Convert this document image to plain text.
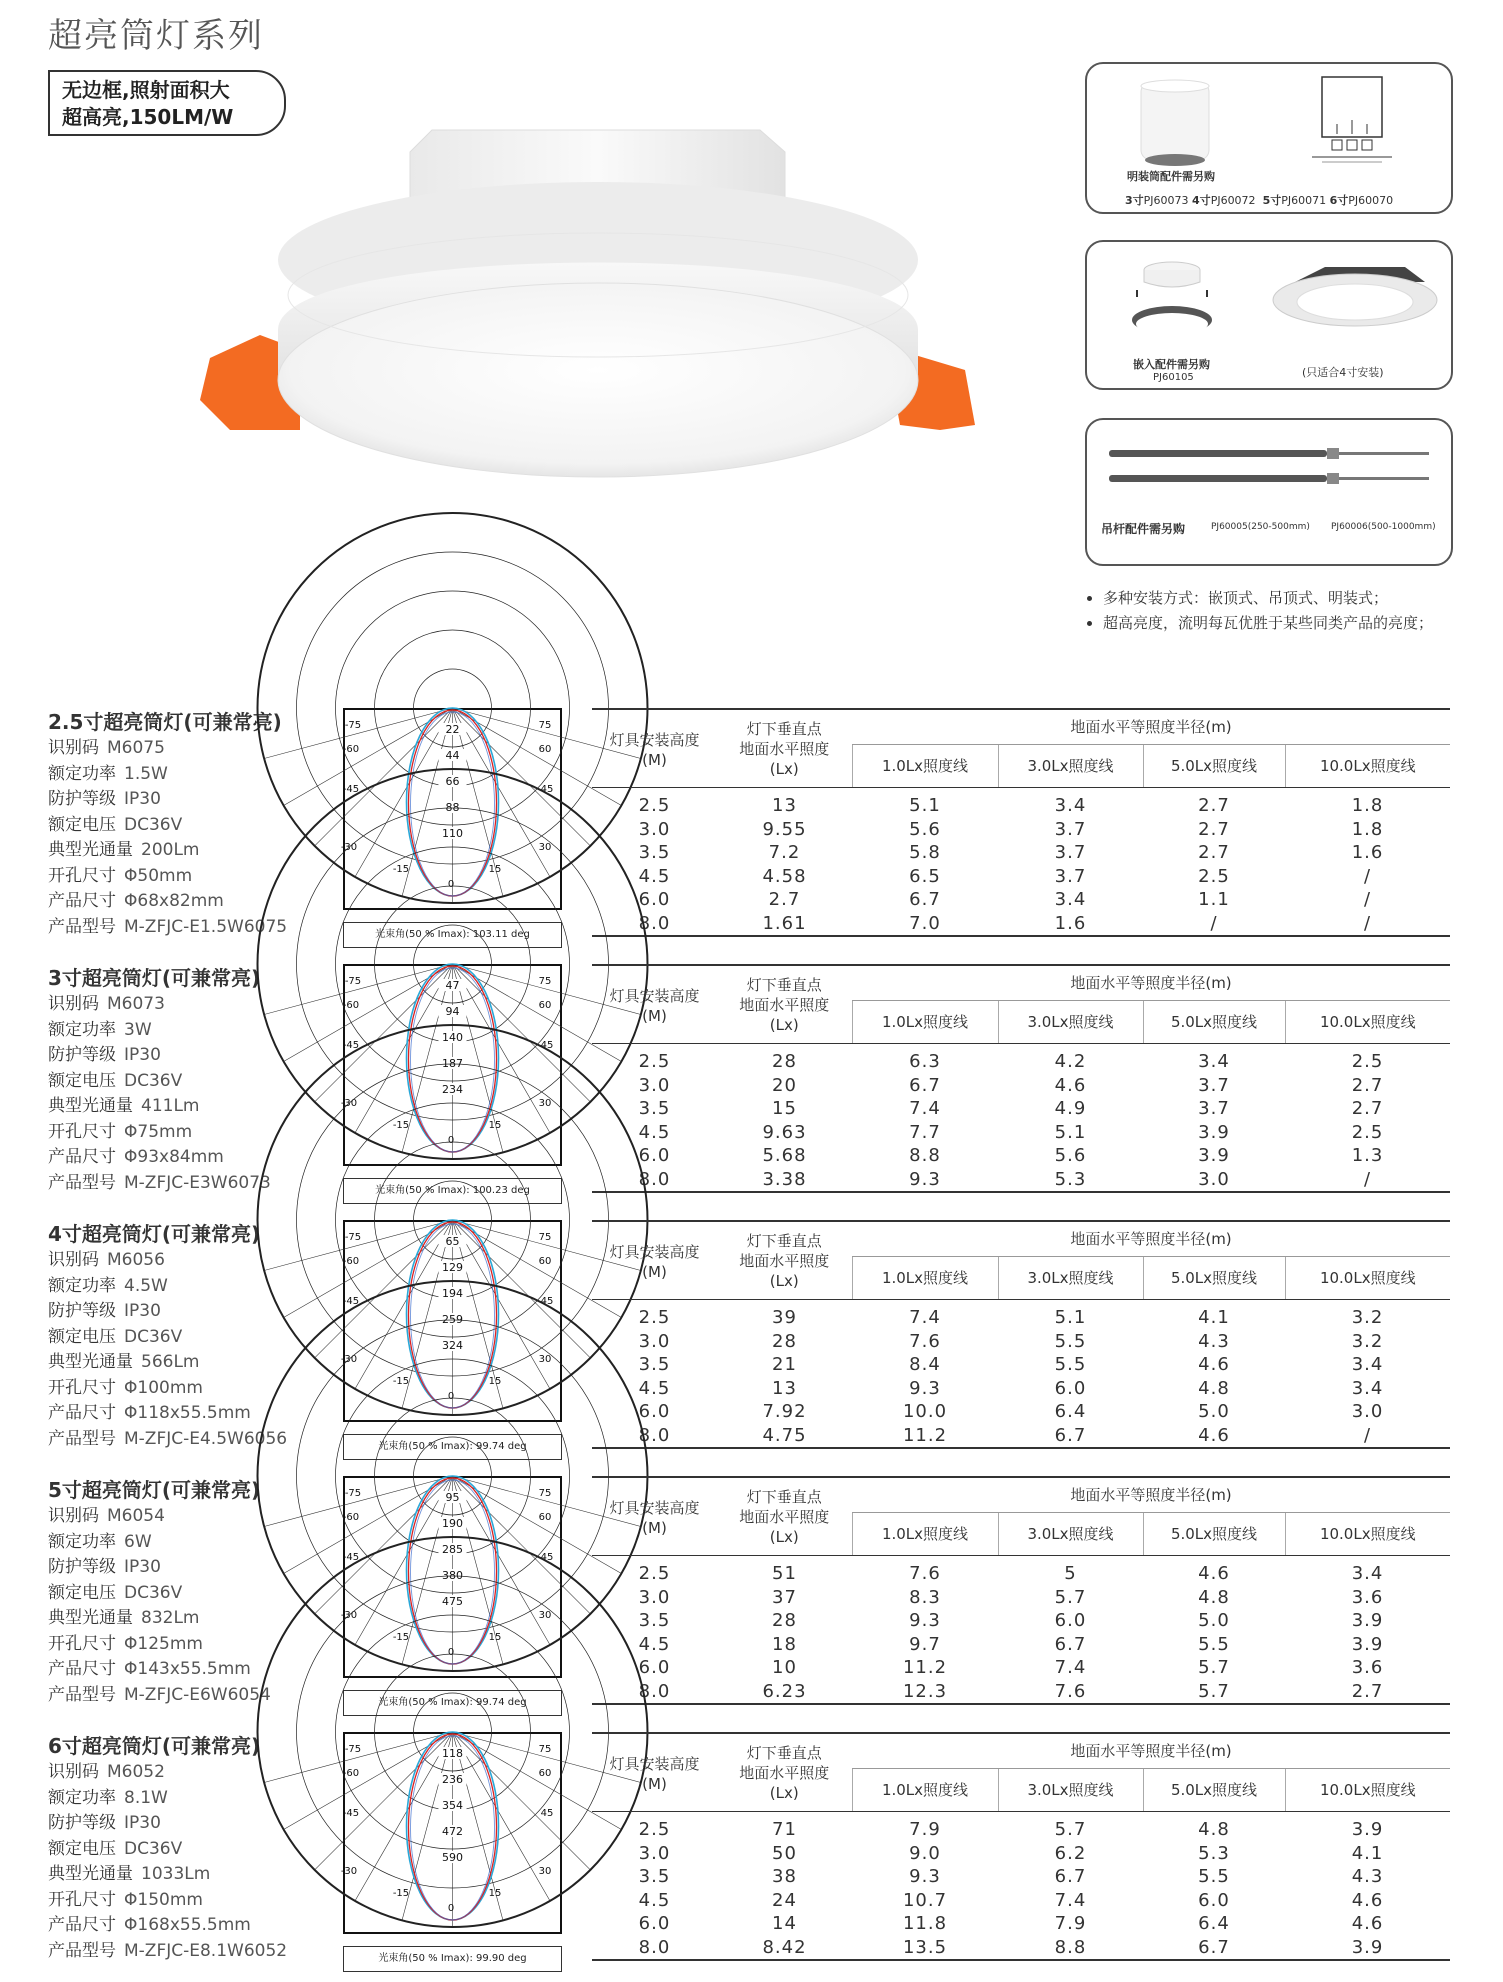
超亮筒灯系列
无边框,照射面积大
超高亮,150LM/W
明装筒配件需另购
3寸PJ60073 4寸PJ60072 5寸PJ60071 6寸PJ60070
嵌入配件需另购
PJ60105	(只适合4寸安装)
吊杆配件需另购	PJ60005(250-500mm) PJ60006(500-1000mm)
• 多种安装方式：嵌顶式、吊顶式、明装式；
• 超高亮度，流明每瓦优胜于某些同类产品的亮度；
2.5寸超亮筒灯(可兼常亮)
识别码 M6075
额定功率 1.5W
防护等级 IP30
额定电压 DC36V
典型光通量 200Lm
开孔尺寸 Φ50mm
产品尺寸 Φ68x82mm
产品型号 M-ZFJC-E1.5W6075
22
44
66
88
110
-75	75
-60	60
-45	45
-30	30
-15	15
0
光束角(50 % Imax): 103.11 deg
灯具安装高度
(M)	灯下垂直点
地面水平照度
(Lx)	地面水平等照度半径(m)			
		1.0Lx照度线	3.0Lx照度线	5.0Lx照度线	10.0Lx照度线
2.5	13	5.1	3.4	2.7	1.8
3.0	9.55	5.6	3.7	2.7	1.8
3.5	7.2	5.8	3.7	2.7	1.6
4.5	4.58	6.5	3.7	2.5	/
6.0	2.7	6.7	3.4	1.1	/
8.0	1.61	7.0	1.6	/	/
3寸超亮筒灯(可兼常亮)
识别码 M6073
额定功率 3W
防护等级 IP30
额定电压 DC36V
典型光通量 411Lm
开孔尺寸 Φ75mm
产品尺寸 Φ93x84mm
产品型号 M-ZFJC-E3W6073
47
94
140
187
234
-75	75
-60	60
-45	45
-30	30
-15	15
0
光束角(50 % Imax): 100.23 deg
灯具安装高度
(M)	灯下垂直点
地面水平照度
(Lx)	地面水平等照度半径(m)			
		1.0Lx照度线	3.0Lx照度线	5.0Lx照度线	10.0Lx照度线
2.5	28	6.3	4.2	3.4	2.5
3.0	20	6.7	4.6	3.7	2.7
3.5	15	7.4	4.9	3.7	2.7
4.5	9.63	7.7	5.1	3.9	2.5
6.0	5.68	8.8	5.6	3.9	1.3
8.0	3.38	9.3	5.3	3.0	/
4寸超亮筒灯(可兼常亮)
识别码 M6056
额定功率 4.5W
防护等级 IP30
额定电压 DC36V
典型光通量 566Lm
开孔尺寸 Φ100mm
产品尺寸 Φ118x55.5mm
产品型号 M-ZFJC-E4.5W6056
65
129
194
259
324
-75	75
-60	60
-45	45
-30	30
-15	15
0
光束角(50 % Imax): 99.74 deg
灯具安装高度
(M)	灯下垂直点
地面水平照度
(Lx)	地面水平等照度半径(m)			
		1.0Lx照度线	3.0Lx照度线	5.0Lx照度线	10.0Lx照度线
2.5	39	7.4	5.1	4.1	3.2
3.0	28	7.6	5.5	4.3	3.2
3.5	21	8.4	5.5	4.6	3.4
4.5	13	9.3	6.0	4.8	3.4
6.0	7.92	10.0	6.4	5.0	3.0
8.0	4.75	11.2	6.7	4.6	/
5寸超亮筒灯(可兼常亮)
识别码 M6054
额定功率 6W
防护等级 IP30
额定电压 DC36V
典型光通量 832Lm
开孔尺寸 Φ125mm
产品尺寸 Φ143x55.5mm
产品型号 M-ZFJC-E6W6054
95
190
285
380
475
-75	75
-60	60
-45	45
-30	30
-15	15
0
光束角(50 % Imax): 99.74 deg
灯具安装高度
(M)	灯下垂直点
地面水平照度
(Lx)	地面水平等照度半径(m)			
		1.0Lx照度线	3.0Lx照度线	5.0Lx照度线	10.0Lx照度线
2.5	51	7.6	5	4.6	3.4
3.0	37	8.3	5.7	4.8	3.6
3.5	28	9.3	6.0	5.0	3.9
4.5	18	9.7	6.7	5.5	3.9
6.0	10	11.2	7.4	5.7	3.6
8.0	6.23	12.3	7.6	5.7	2.7
6寸超亮筒灯(可兼常亮)
识别码 M6052
额定功率 8.1W
防护等级 IP30
额定电压 DC36V
典型光通量 1033Lm
开孔尺寸 Φ150mm
产品尺寸 Φ168x55.5mm
产品型号 M-ZFJC-E8.1W6052
118
236
354
472
590
-75	75
-60	60
-45	45
-30	30
-15	15
0
光束角(50 % Imax): 99.90 deg
灯具安装高度
(M)	灯下垂直点
地面水平照度
(Lx)	地面水平等照度半径(m)			
		1.0Lx照度线	3.0Lx照度线	5.0Lx照度线	10.0Lx照度线
2.5	71	7.9	5.7	4.8	3.9
3.0	50	9.0	6.2	5.3	4.1
3.5	38	9.3	6.7	5.5	4.3
4.5	24	10.7	7.4	6.0	4.6
6.0	14	11.8	7.9	6.4	4.6
8.0	8.42	13.5	8.8	6.7	3.9
